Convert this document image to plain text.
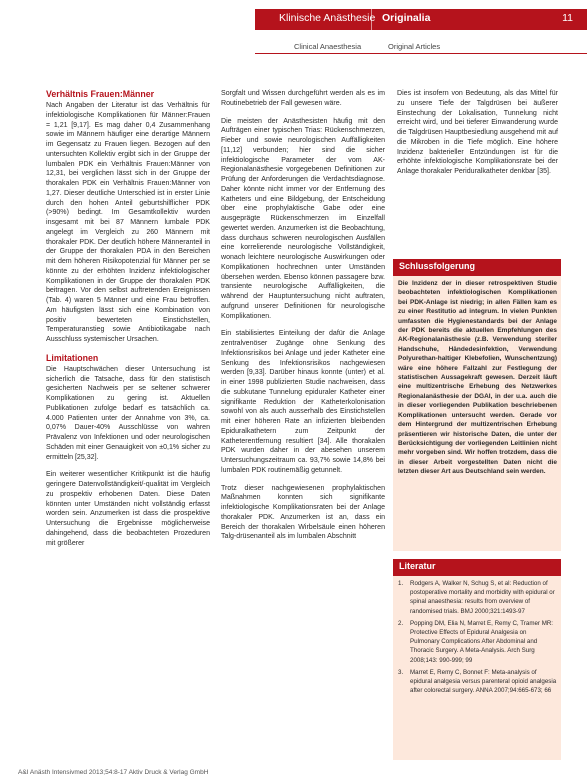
Klinische Anästhesie Originalia	11
Clinical Anaesthesia	Original Articles
Verhältnis Frauen:Männer

Nach Angaben der Literatur ist das Verhältnis für infektiologische Komplikationen für Männer:Frauen = 1,21 [9,17]. Es mag daher 0,4 Zusammenhang sowie im Männern häufiger eine derartige Männern im Gegensatz zu Frauen liegen. Bezogen auf den untersuchten Kollektiv ergibt sich in der Gruppe der lumbalen PDK ein Verhältnis Frauen:Männer von 12,31, bei verglichen lässt sich in der Gruppe der thorakalen PDK ein Verhältnis Frauen:Männer von 1,27. Dieser deutliche Unterschied ist in erster Linie durch den hohen Anteil geburtshilflicher PDK (>90%) bedingt. Im Gesamtkollektiv wurden insgesamt mit bei 87 Männern lumbale PDK angelegt im Vergleich zu 260 Männern mit thorakaler PDK. Der deutlich höhere Männeranteil in der Gruppe der thorakalen PDA in den Bereichen mit dem höheren Risikopotenzial für Männer per se könnte zu der erhöhten Inzidenz infektiologischer Komplikationen in der Gruppe der thorakalen PDK beitragen. Vor den selbst auftretenden Ereignissen (Tab. 4) waren 5 Männer und eine Frau betroffen. Am häufigsten lässt sich eine Kombination von positiv bewerteten Einstichstellen, Temperaturanstieg sowie Antibiotikagabe nach Ausschluss systemischer Ursachen.

Limitationen

Die Hauptschwächen dieser Untersuchung ist sicherlich die Tatsache, dass für den statistisch gesicherten Nachweis per se seltener schwerer Komplikationen zu gering ist. Aktuellen Publikationen zufolge bedarf es tatsächlich ca. 4.000 Patienten unter der Annahme von 3%, ca. 0,07% Dauer-40% Ausschlüsse von wahren Prävalenz von Infektionen und oder neurologischen Schäden mit einer Genauigkeit von ±0,1% sicher zu ermitteln [25,32].

Ein weiterer wesentlicher Kritikpunkt ist die häufig geringere Datenvollständigkeit/-qualität im Vergleich zu prospektiv erhobenen Daten. Diese Daten könnten unter Umständen nicht vollständig erfasst worden sein. Anzumerken ist dass die prospektive Untersuchung die Ergebnisse möglicherweise dahingehend, dass die beobachteten Prozeduren mit größerer

Sorgfalt und Wissen durchgeführt werden als es im Routinebetrieb der Fall gewesen wäre.

Die meisten der Anästhesisten häufig mit den Aufträgen einer typischen Trias: Rückenschmerzen, Fieber und sowie neurologischen Auffälligkeiten [11,12] verbunden; hier sind die sicher infektiologische Parameter der vom AK-Regionalanästhesie vorgegebenen Definitionen zur Prüfung der Anforderungen die Verdachtsdiagnose. Daher könnte nicht immer vor der Entfernung des Katheters und eine Bildgebung, der Entscheidung über eine prophylaktische Gabe oder eine ausgeprägte Rückenschmerzen im Einzelfall gewertet werden. Anzumerken ist die Beobachtung, dass durchaus schweren neurologischen Ausfällen eine korrelierende neurologische Vollständigkeit, wonach leichtere neurologische Auswirkungen oder Komplikationen hochrechnen unter Umständen übersehen werden. Ebenso können passagere bzw. transiente neurologische Auffälligkeiten, die während der Hauptuntersuchung nicht auftraten, aufgrund unserer Definitionen für neurologische Komplikationen.

Ein stabilisiertes Einteilung der dafür die Anlage zentralvenöser Zugänge ohne Senkung des Infektionsrisikos bei Anlage und jeder Katheter eine Senkung des Infektionsrisikos nachgewiesen werden [9,33]. Darüber hinaus konnte (unter) et al. in einer 1998 publizierten Studie nachweisen, dass die subkutane Tunnelung epiduraler Katheter einer signifikante Reduktion der Katheterkolonisation sowohl von als auch ausserhalb des Einstichstellen mit einer höheren Rate an infizierten bleibenden Epiduralkathetern zum Zeitpunkt der Katheterentfernung resultiert [34]. Alle thorakalen PDK wurden daher in der abesehen unserem Untersuchungszeitraum ca. 93,7% sowie 14,8% bei lumbalen PDK routinemäßig getunnelt.

Trotz dieser nachgewiesenen prophylaktischen Maßnahmen konnten sich signifikante infektiologische Komplikationsraten bei der Anlage thorakaler PDK. Anzumerken ist an, dass ein Bereich der thorakalen Wirbelsäule einen höheren Talg-drüsenanteil als im lumbalen Abschnitt

Dies ist insofern von Bedeutung, als das Mittel für zu unsere Tiefe der Talgdrüsen bei äußerer Einstechung der Lokalisation, Tunnelung nicht erreicht wird, und bei tieferer Einwanderung wurde die Talgdrüsen Hauptbesiedlung ausgehend mit auf die Mikroben in die Tiefe möglich. Eine höhere Inzidenz bakterieller Entzündungen ist für die erhöhte infektiologische Komplikationsrate bei der Anlage thorakaler Periduralkatheter denkbar [35].

Schlussfolgerung
Die Inzidenz der in dieser retrospektiven Studie beobachteten infektiologischen Komplikationen bei PDK-Anlage ist niedrig; in allen Fällen kam es zu einer Restitutio ad integrum. In vielen Punkten umfassten die Hygienestandards bei der Anlage der PDK bereits die aktuellen Empfehlungen des AK-Regionalanästhesie (z.B. Verwendung steriler Handschuhe, Händedesinfektion, Verwendung Polyurethan-haltiger Klebefolien, Wunschentzung) wäre eine höhere Fallzahl zur Festlegung der statistischen Aussagekraft gewesen. Derzeit läuft eine multizentrische Erhebung des Netzwerkes Regionalanästhesie der DGAI, in der u.a. auch die in dieser vorliegenden Publikation beschriebenen Komplikationen untersucht werden. Gerade vor dem Hintergrund der multizentrischen Erhebung präsentieren wir historische Daten, die unter der Berücksichtigung der vorliegenden Leitlinien nicht mehr vorgeben sind. Wir hoffen trotzdem, dass die in dieser Arbeit vorgestellten Daten nicht die letzten dieser Art aus Deutschland sein werden.
Literatur
1.	Rodgers A, Walker N, Schug S, et al: Reduction of postoperative mortality and morbidity with epidural or spinal anaesthesia: results from overview of randomised trials. BMJ 2000;321:1493-97
2.	Popping DM, Elia N, Marret E, Remy C, Tramer MR: Protective Effects of Epidural Analgesia on Pulmonary Complications After Abdominal and Thoracic Surgery. A Meta-Analysis. Arch Surg 2008;143: 990-999; 99
3.	Marret E, Remy C, Bonnet F: Meta-analysis of epidural analgesia versus parenteral opioid analgesia after colorectal surgery. ANNA 2007;94:665-673; 66
A&I Anästh Intensivmed 2013;54:8-17 Aktiv Druck & Verlag GmbH
